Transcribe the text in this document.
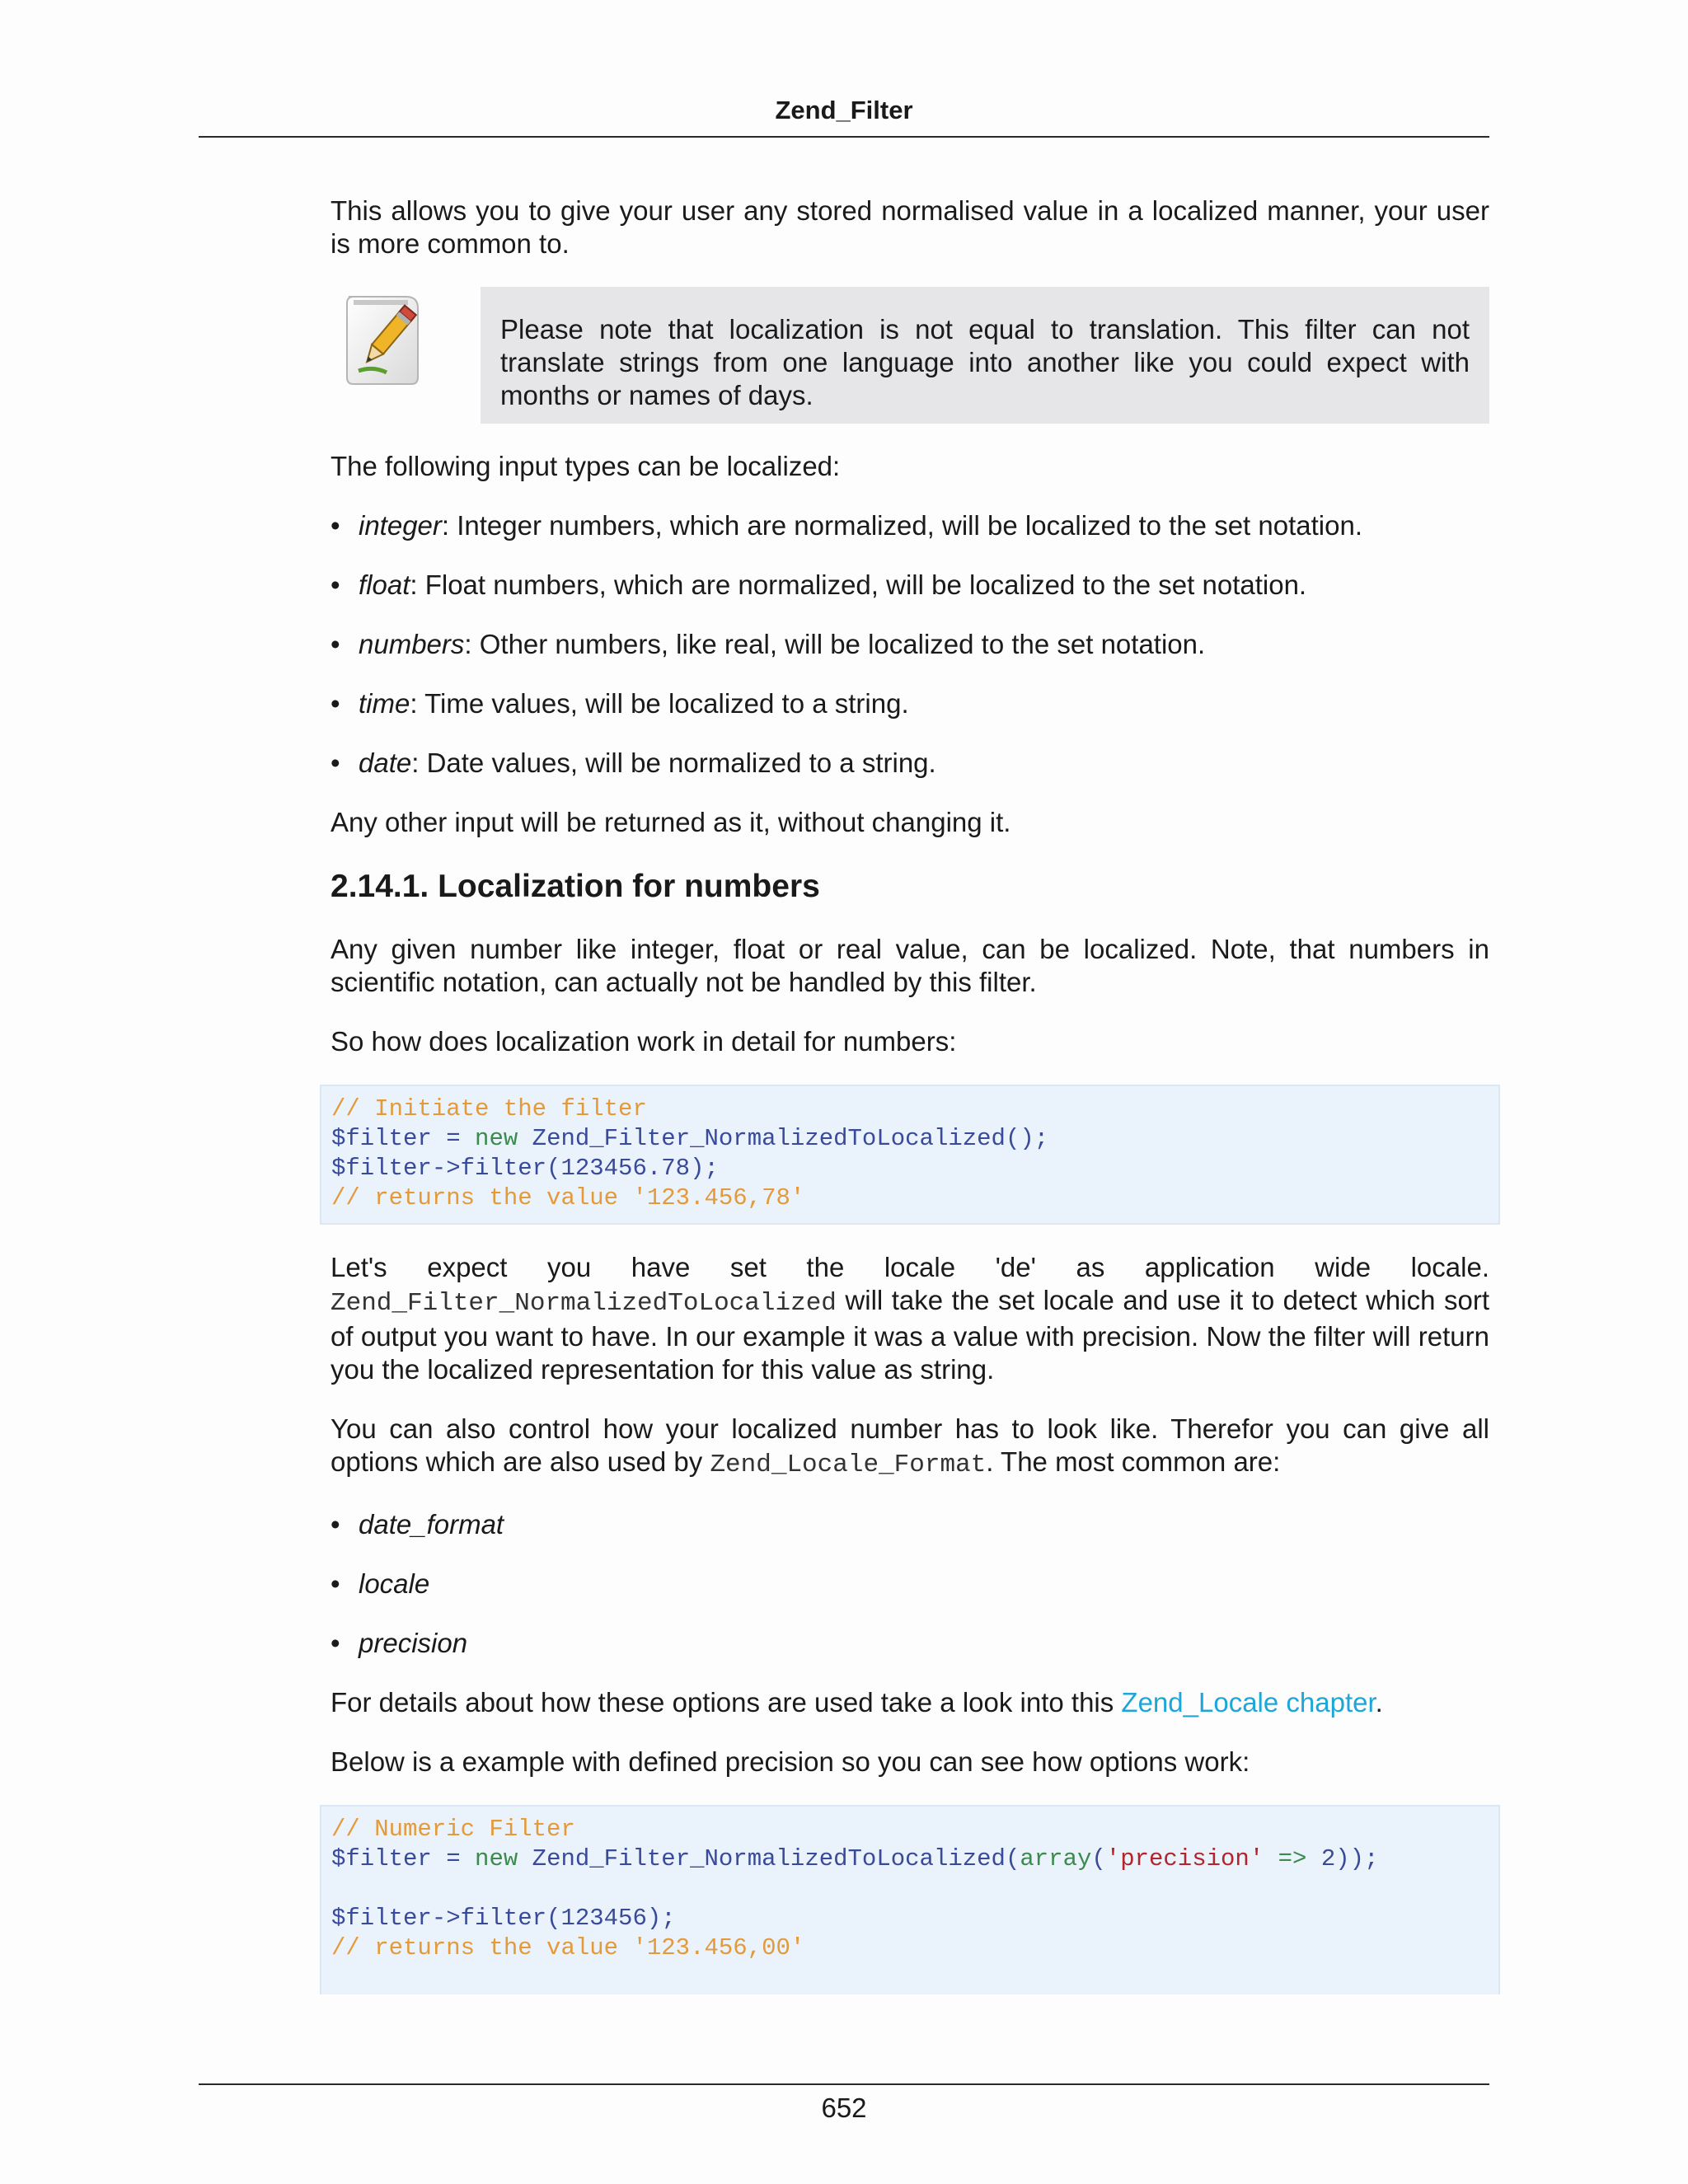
Zend_Filter

This allows you to give your user any stored normalised value in a localized manner, your user is more common to.

Please note that localization is not equal to translation. This filter can not translate strings from one language into another like you could expect with months or names of days.

The following input types can be localized:

• integer: Integer numbers, which are normalized, will be localized to the set notation.
• float: Float numbers, which are normalized, will be localized to the set notation.
• numbers: Other numbers, like real, will be localized to the set notation.
• time: Time values, will be localized to a string.
• date: Date values, will be normalized to a string.

Any other input will be returned as it, without changing it.

2.14.1. Localization for numbers

Any given number like integer, float or real value, can be localized. Note, that numbers in scientific notation, can actually not be handled by this filter.

So how does localization work in detail for numbers:

// Initiate the filter
$filter = new Zend_Filter_NormalizedToLocalized();
$filter->filter(123456.78);
// returns the value '123.456,78'

Let's expect you have set the locale 'de' as application wide locale. Zend_Filter_NormalizedToLocalized will take the set locale and use it to detect which sort of output you want to have. In our example it was a value with precision. Now the filter will return you the localized representation for this value as string.

You can also control how your localized number has to look like. Therefor you can give all options which are also used by Zend_Locale_Format. The most common are:

• date_format
• locale
• precision

For details about how these options are used take a look into this Zend_Locale chapter.

Below is a example with defined precision so you can see how options work:

// Numeric Filter
$filter = new Zend_Filter_NormalizedToLocalized(array('precision' => 2));
$filter->filter(123456);
// returns the value '123.456,00'
652
